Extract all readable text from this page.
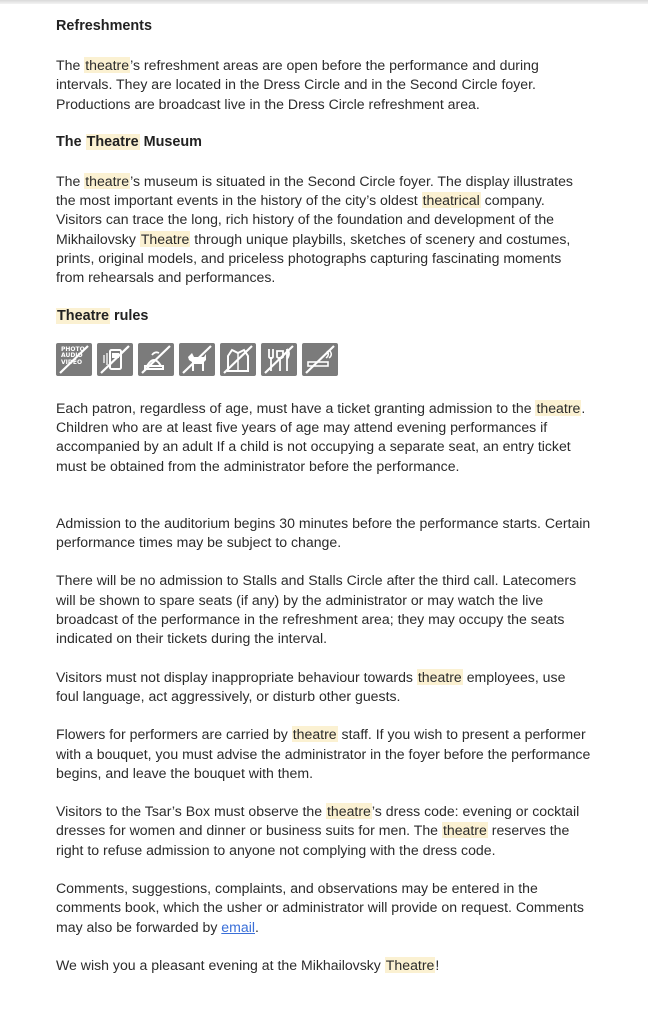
Refreshments

The theatre’s refreshment areas are open before the performance and during intervals. They are located in the Dress Circle and in the Second Circle foyer. Productions are broadcast live in the Dress Circle refreshment area.

The Theatre Museum

The theatre’s museum is situated in the Second Circle foyer. The display illustrates the most important events in the history of the city’s oldest theatrical company. Visitors can trace the long, rich history of the foundation and development of the Mikhailovsky Theatre through unique playbills, sketches of scenery and costumes, prints, original models, and priceless photographs capturing fascinating moments from rehearsals and performances.

Theatre rules
PHOTO AUDIO VIDEO

Each patron, regardless of age, must have a ticket granting admission to the theatre. Children who are at least five years of age may attend evening performances if accompanied by an adult If a child is not occupying a separate seat, an entry ticket must be obtained from the administrator before the performance.

Admission to the auditorium begins 30 minutes before the performance starts. Certain performance times may be subject to change.

There will be no admission to Stalls and Stalls Circle after the third call. Latecomers will be shown to spare seats (if any) by the administrator or may watch the live broadcast of the performance in the refreshment area; they may occupy the seats indicated on their tickets during the interval.

Visitors must not display inappropriate behaviour towards theatre employees, use foul language, act aggressively, or disturb other guests.

Flowers for performers are carried by theatre staff. If you wish to present a performer with a bouquet, you must advise the administrator in the foyer before the performance begins, and leave the bouquet with them.

Visitors to the Tsar’s Box must observe the theatre’s dress code: evening or cocktail dresses for women and dinner or business suits for men. The theatre reserves the right to refuse admission to anyone not complying with the dress code.

Comments, suggestions, complaints, and observations may be entered in the comments book, which the usher or administrator will provide on request. Comments may also be forwarded by email.

We wish you a pleasant evening at the Mikhailovsky Theatre!
